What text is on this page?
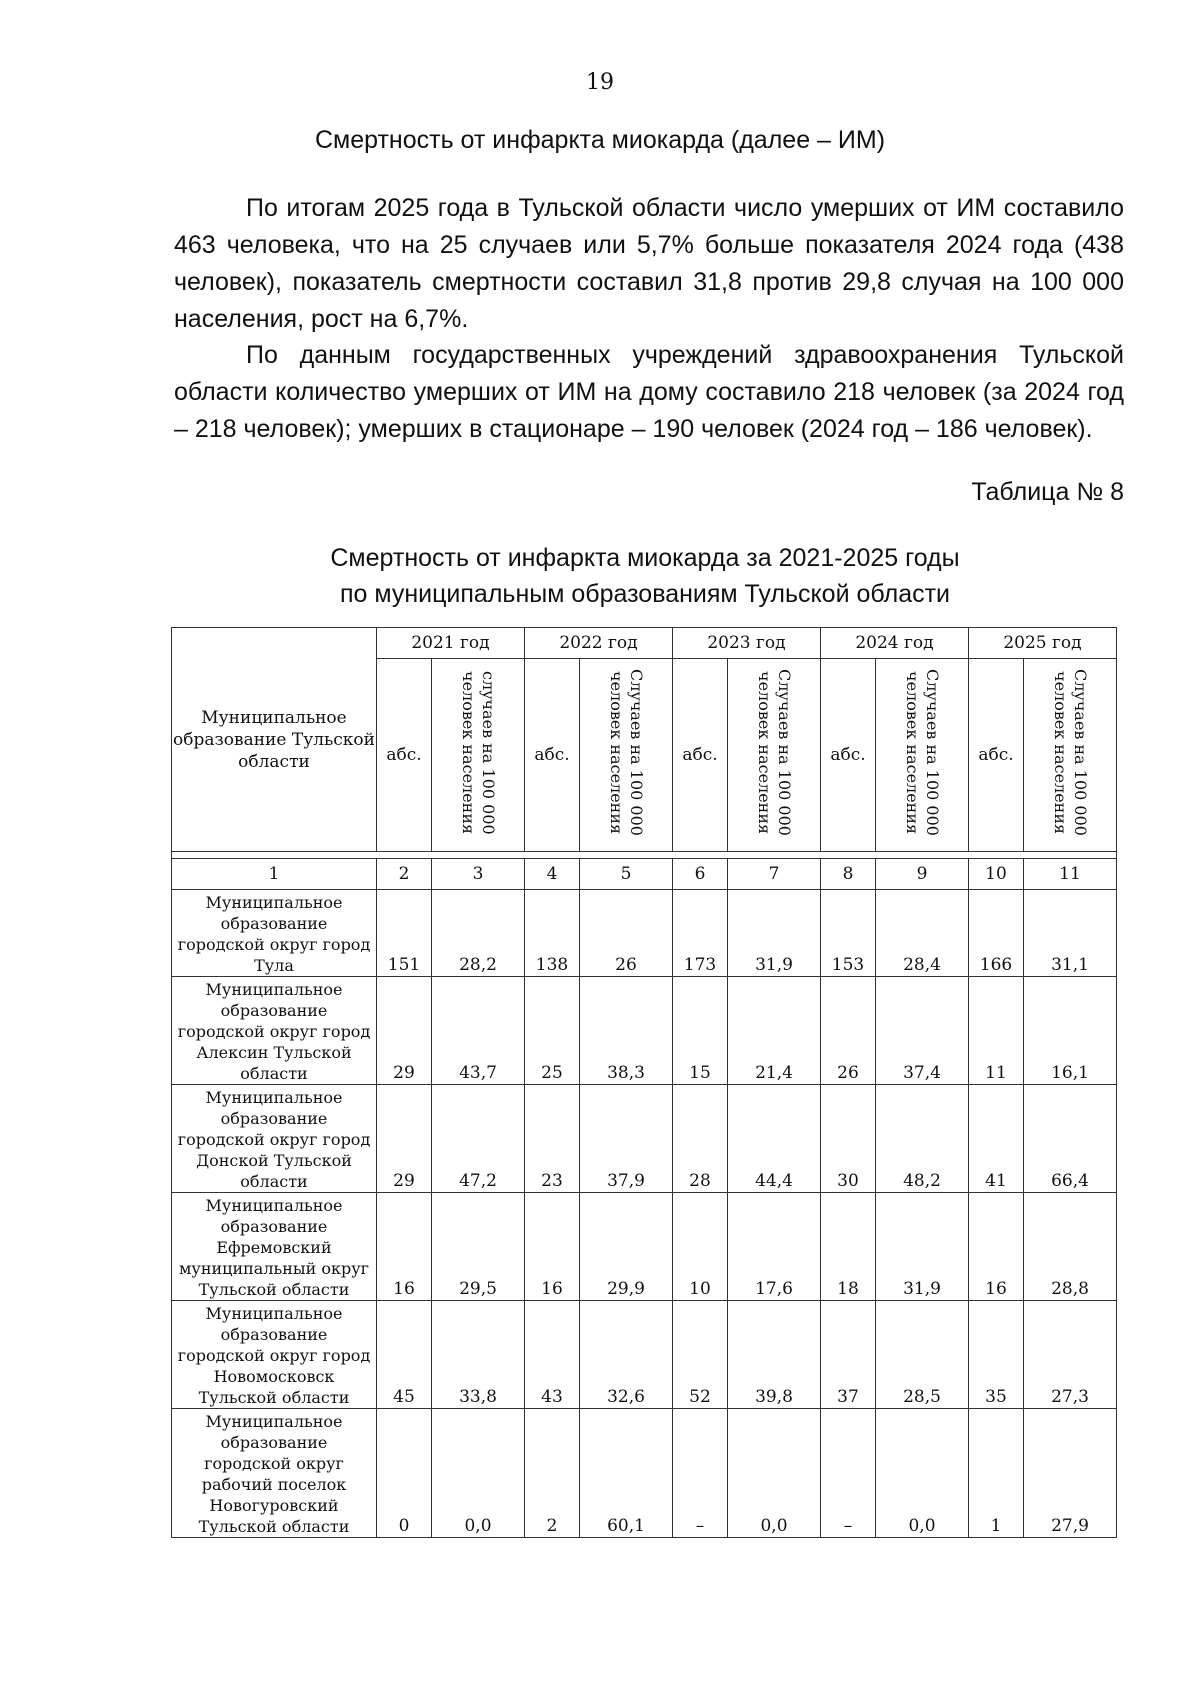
19
Смертность от инфаркта миокарда (далее – ИМ)

По итогам 2025 года в Тульской области число умерших от ИМ составило 463 человека, что на 25 случаев или 5,7% больше показателя 2024 года (438 человек), показатель смертности составил 31,8 против 29,8 случая на 100 000 населения, рост на 6,7%.

По данным государственных учреждений здравоохранения Тульской области количество умерших от ИМ на дому составило 218 человек (за 2024 год – 218 человек); умерших в стационаре – 190 человек (2024 год – 186 человек).

Таблица № 8
Смертность от инфаркта миокарда за 2021-2025 годы
по муниципальным образованиям Тульской области
Муниципальное образование Тульской области	2021 год		2022 год		2023 год		2024 год		2025 год	
	абс.	случаев на 100 000 человек населения	абс.	Случаев на 100 000 человек населения	абс.	Случаев на 100 000 человек населения	абс.	Случаев на 100 000 человек населения	абс.	Случаев на 100 000 человек населения

1	2	3	4	5	6	7	8	9	10	11
Муниципальное образование городской округ город Тула	151	28,2	138	26	173	31,9	153	28,4	166	31,1
Муниципальное образование городской округ город Алексин Тульской области	29	43,7	25	38,3	15	21,4	26	37,4	11	16,1
Муниципальное образование городской округ город Донской Тульской области	29	47,2	23	37,9	28	44,4	30	48,2	41	66,4
Муниципальное образование Ефремовский муниципальный округ Тульской области	16	29,5	16	29,9	10	17,6	18	31,9	16	28,8
Муниципальное образование городской округ город Новомосковск Тульской области	45	33,8	43	32,6	52	39,8	37	28,5	35	27,3
Муниципальное образование городской округ рабочий поселок Новогуровский Тульской области	0	0,0	2	60,1	–	0,0	–	0,0	1	27,9
